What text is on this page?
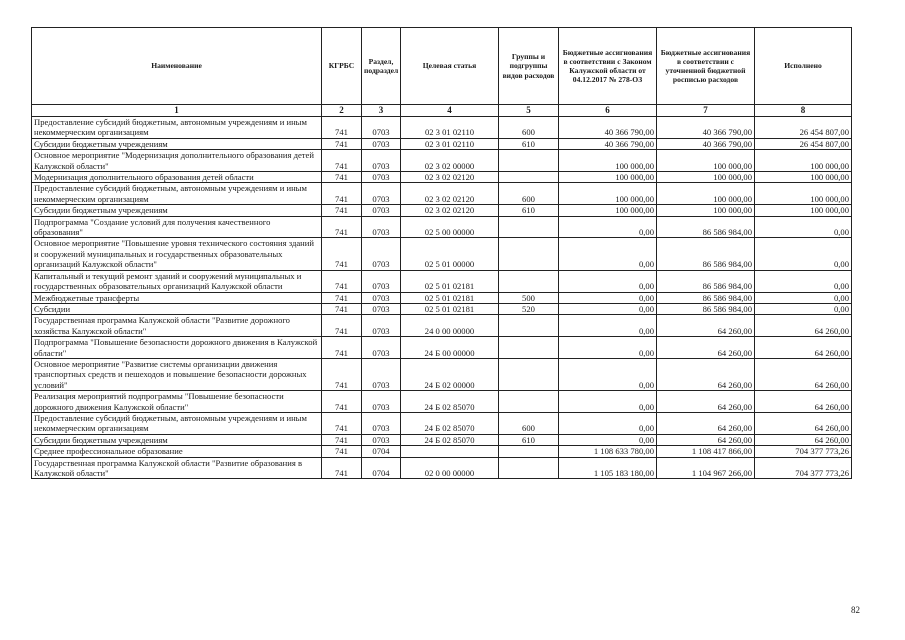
Наименование	КГРБС	Раздел, подраздел	Целевая статья	Группы и подгруппы видов расходов	Бюджетные ассигнования в соответствии с Законом Калужской области от 04.12.2017 № 278-ОЗ	Бюджетные ассигнования в соответствии с уточненной бюджетной росписью расходов	Исполнено
1	2	3	4	5	6	7	8
Предоставление субсидий бюджетным, автономным учреждениям и иным некоммерческим организациям	741	0703	02 3 01 02110	600	40 366 790,00	40 366 790,00	26 454 807,00
Субсидии бюджетным учреждениям	741	0703	02 3 01 02110	610	40 366 790,00	40 366 790,00	26 454 807,00
Основное мероприятие "Модернизация дополнительного образования детей Калужской области"	741	0703	02 3 02 00000		100 000,00	100 000,00	100 000,00
Модернизация дополнительного образования детей области	741	0703	02 3 02 02120		100 000,00	100 000,00	100 000,00
Предоставление субсидий бюджетным, автономным учреждениям и иным некоммерческим организациям	741	0703	02 3 02 02120	600	100 000,00	100 000,00	100 000,00
Субсидии бюджетным учреждениям	741	0703	02 3 02 02120	610	100 000,00	100 000,00	100 000,00
Подпрограмма "Создание условий для получения качественного образования"	741	0703	02 5 00 00000		0,00	86 586 984,00	0,00
Основное мероприятие "Повышение уровня технического состояния зданий и сооружений муниципальных и государственных образовательных организаций Калужской области"	741	0703	02 5 01 00000		0,00	86 586 984,00	0,00
Капитальный и текущий ремонт зданий и сооружений муниципальных и государственных образовательных организаций Калужской области	741	0703	02 5 01 02181		0,00	86 586 984,00	0,00
Межбюджетные трансферты	741	0703	02 5 01 02181	500	0,00	86 586 984,00	0,00
Субсидии	741	0703	02 5 01 02181	520	0,00	86 586 984,00	0,00
Государственная программа Калужской области "Развитие дорожного хозяйства Калужской области"	741	0703	24 0 00 00000		0,00	64 260,00	64 260,00
Подпрограмма "Повышение безопасности дорожного движения в Калужской области"	741	0703	24 Б 00 00000		0,00	64 260,00	64 260,00
Основное мероприятие "Развитие системы организации движения транспортных средств и пешеходов и повышение безопасности дорожных условий"	741	0703	24 Б 02 00000		0,00	64 260,00	64 260,00
Реализация мероприятий подпрограммы "Повышение безопасности дорожного движения Калужской области"	741	0703	24 Б 02 85070		0,00	64 260,00	64 260,00
Предоставление субсидий бюджетным, автономным учреждениям и иным некоммерческим организациям	741	0703	24 Б 02 85070	600	0,00	64 260,00	64 260,00
Субсидии бюджетным учреждениям	741	0703	24 Б 02 85070	610	0,00	64 260,00	64 260,00
Среднее профессиональное образование	741	0704			1 108 633 780,00	1 108 417 866,00	704 377 773,26
Государственная программа Калужской области "Развитие образования в Калужской области"	741	0704	02 0 00 00000		1 105 183 180,00	1 104 967 266,00	704 377 773,26
82
